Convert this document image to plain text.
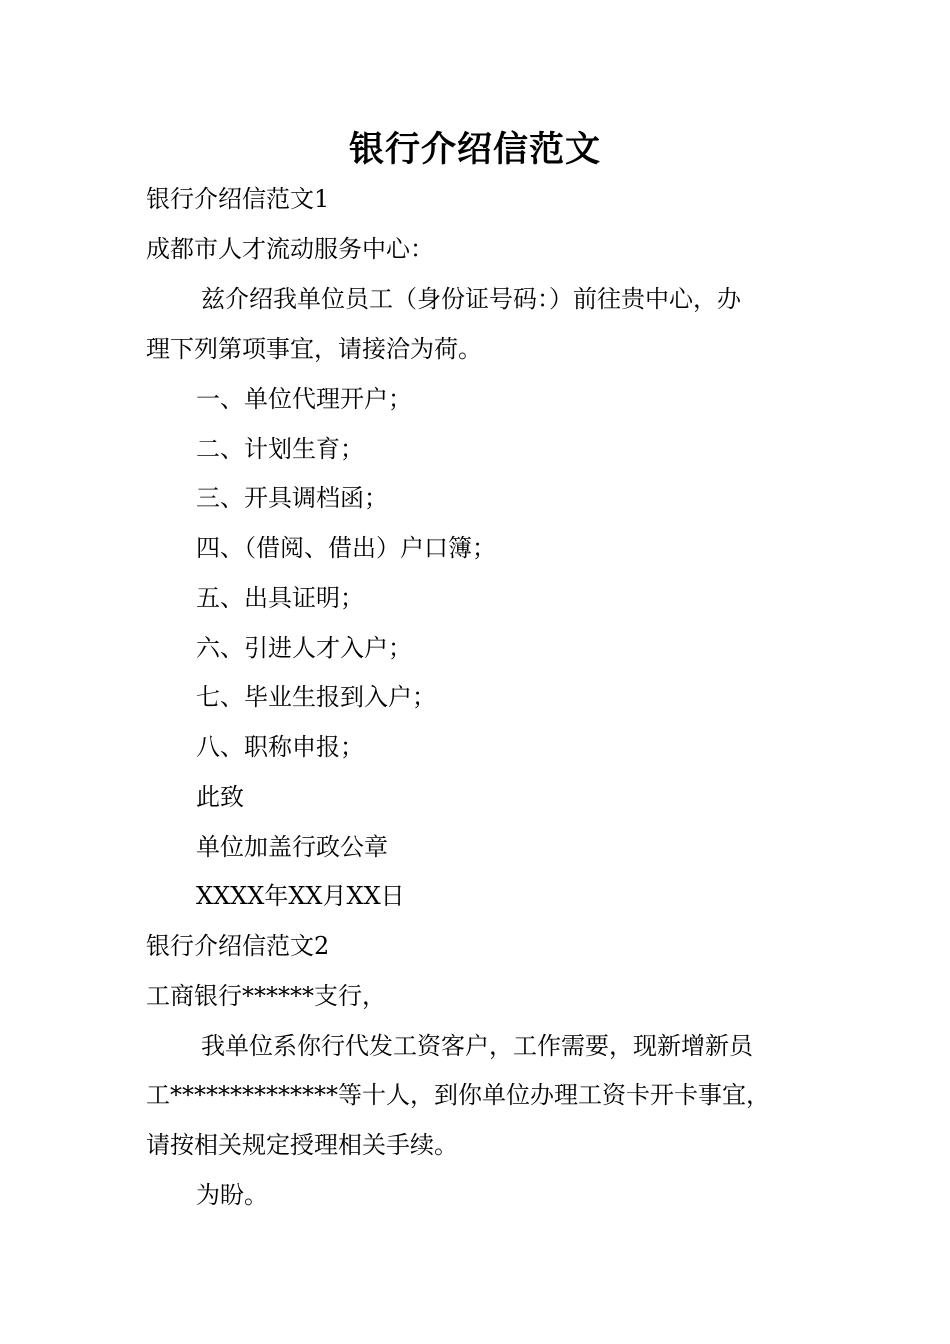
银行介绍信范文
银行介绍信范文1
成都市人才流动服务中心：
兹介绍我单位员工（身份证号码：）前往贵中心，办
理下列第项事宜，请接洽为荷。
一、单位代理开户；
二、计划生育；
三、开具调档函；
四、（借阅、借出）户口簿；
五、出具证明；
六、引进人才入户；
七、毕业生报到入户；
八、职称申报；
此致
单位加盖行政公章
XXXX年XX月XX日
银行介绍信范文2
工商银行******支行，
我单位系你行代发工资客户，工作需要，现新增新员
工**************等十人，到你单位办理工资卡开卡事宜，
请按相关规定授理相关手续。
为盼。
